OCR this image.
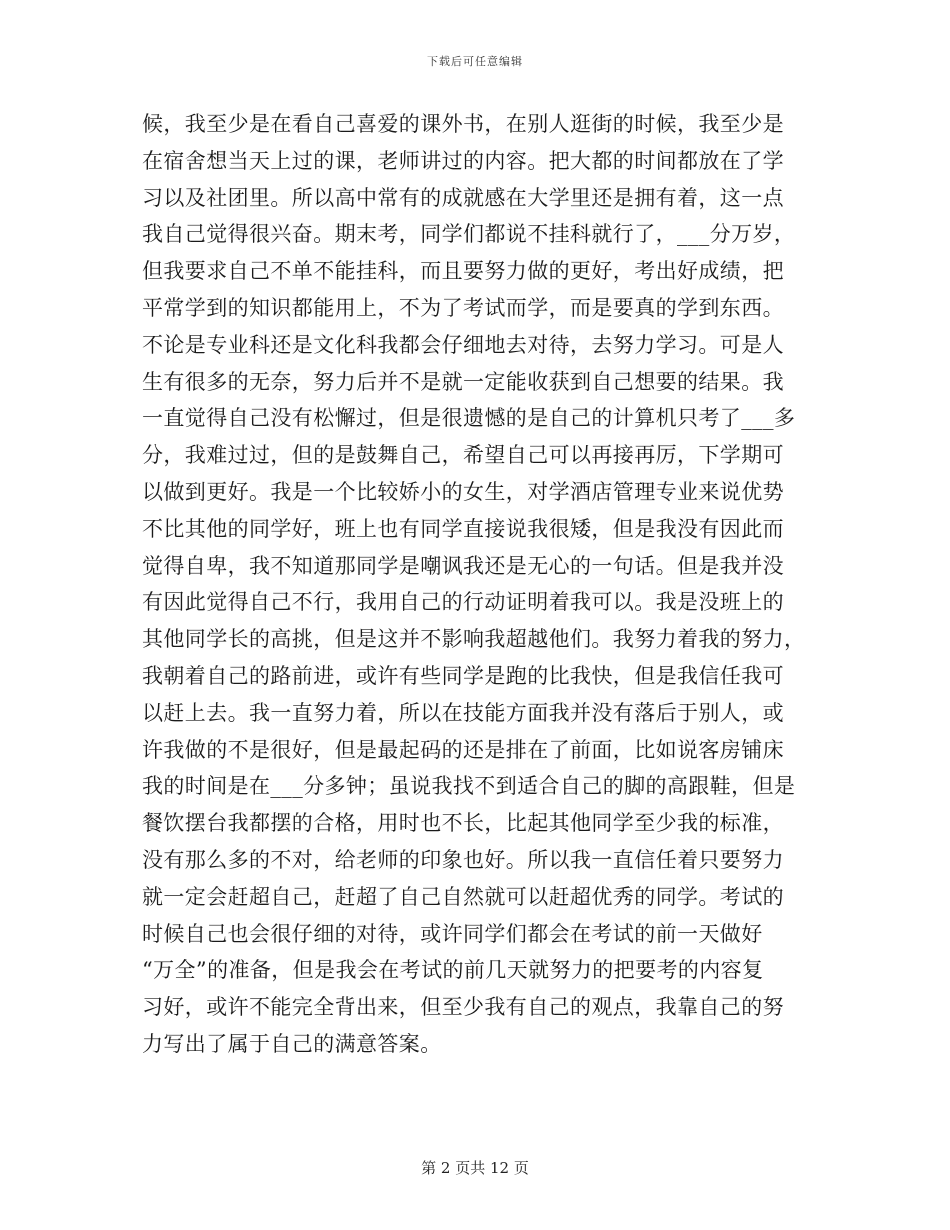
下载后可任意编辑
候，我至少是在看自己喜爱的课外书，在别人逛街的时候，我至少是
在宿舍想当天上过的课，老师讲过的内容。把大都的时间都放在了学
习以及社团里。所以高中常有的成就感在大学里还是拥有着，这一点
我自己觉得很兴奋。期末考，同学们都说不挂科就行了，___分万岁，
但我要求自己不单不能挂科，而且要努力做的更好，考出好成绩，把
平常学到的知识都能用上，不为了考试而学，而是要真的学到东西。
不论是专业科还是文化科我都会仔细地去对待，去努力学习。可是人
生有很多的无奈，努力后并不是就一定能收获到自己想要的结果。我
一直觉得自己没有松懈过，但是很遗憾的是自己的计算机只考了___多
分，我难过过，但的是鼓舞自己，希望自己可以再接再厉，下学期可
以做到更好。我是一个比较娇小的女生，对学酒店管理专业来说优势
不比其他的同学好，班上也有同学直接说我很矮，但是我没有因此而
觉得自卑，我不知道那同学是嘲讽我还是无心的一句话。但是我并没
有因此觉得自己不行，我用自己的行动证明着我可以。我是没班上的
其他同学长的高挑，但是这并不影响我超越他们。我努力着我的努力，
我朝着自己的路前进，或许有些同学是跑的比我快，但是我信任我可
以赶上去。我一直努力着，所以在技能方面我并没有落后于别人，或
许我做的不是很好，但是最起码的还是排在了前面，比如说客房铺床
我的时间是在___分多钟；虽说我找不到适合自己的脚的高跟鞋，但是
餐饮摆台我都摆的合格，用时也不长，比起其他同学至少我的标准，
没有那么多的不对，给老师的印象也好。所以我一直信任着只要努力
就一定会赶超自己，赶超了自己自然就可以赶超优秀的同学。考试的
时候自己也会很仔细的对待，或许同学们都会在考试的前一天做好
“万全”的准备，但是我会在考试的前几天就努力的把要考的内容复
习好，或许不能完全背出来，但至少我有自己的观点，我靠自己的努
力写出了属于自己的满意答案。
第 2 页共 12 页
